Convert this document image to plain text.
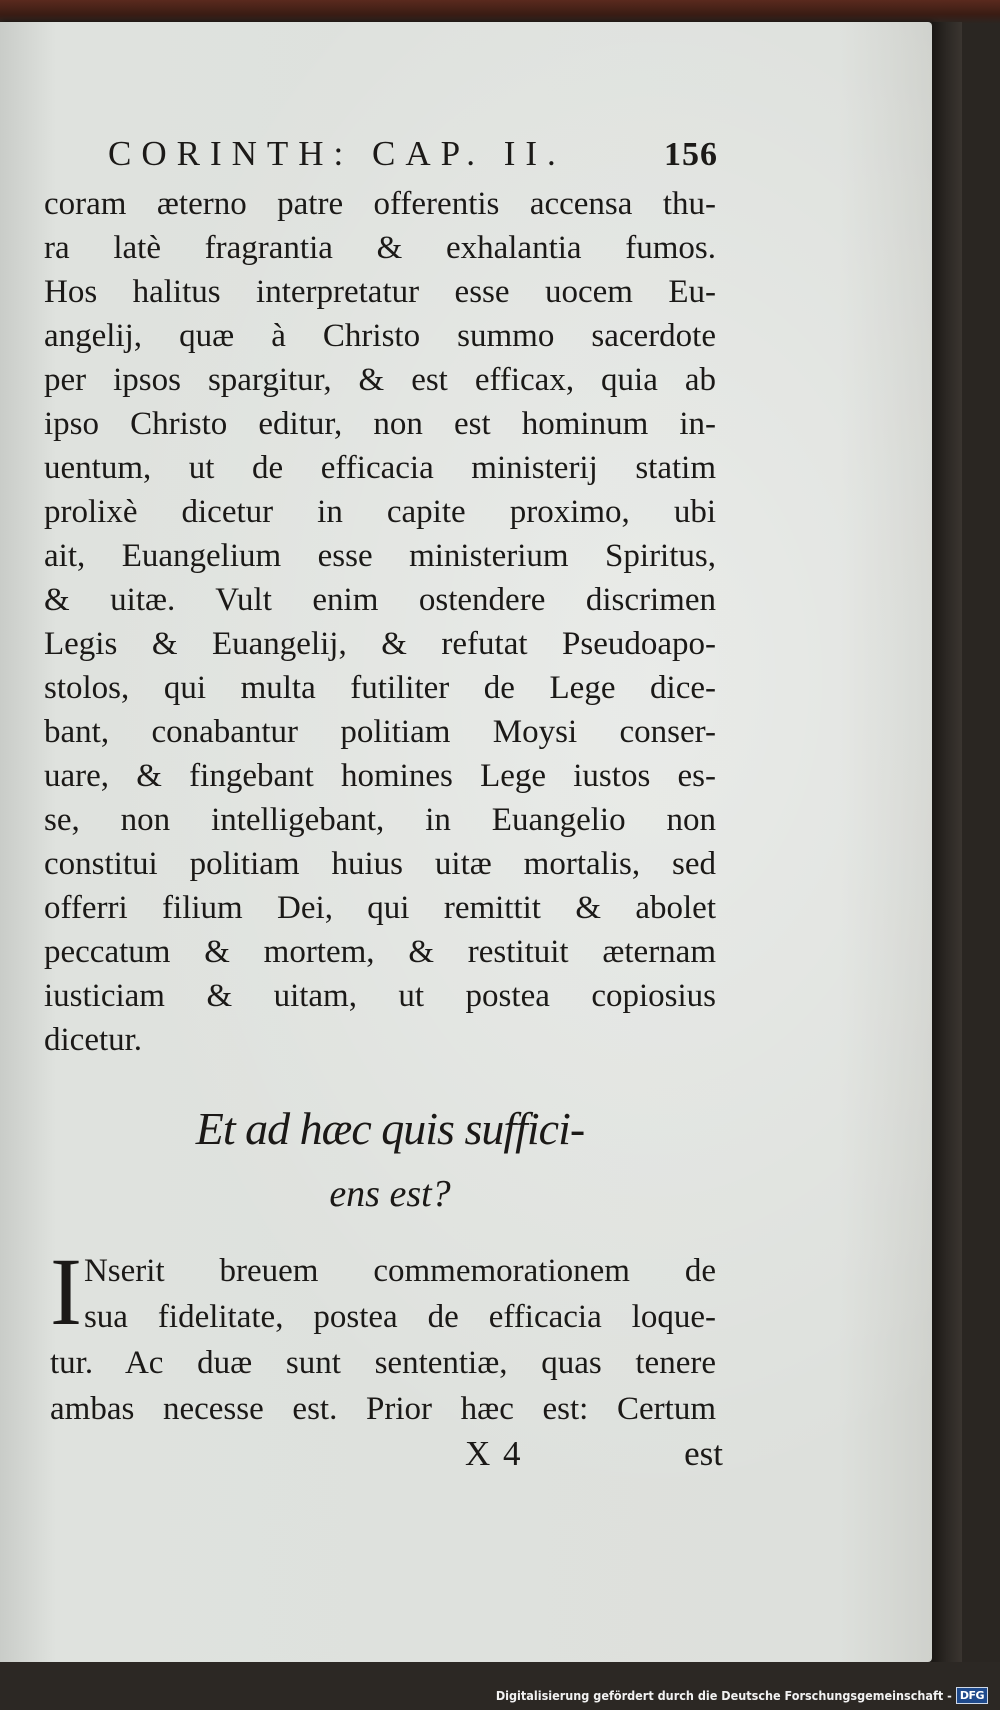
CORINTH: CAP. II.	156
coram æterno patre offerentis accensa thu-
ra latè fragrantia & exhalantia fumos.
Hos halitus interpretatur esse uocem Eu-
angelij, quæ à Christo summo sacerdote
per ipsos spargitur, & est efficax, quia ab
ipso Christo editur, non est hominum in-
uentum, ut de efficacia ministerij statim
prolixè dicetur in capite proximo, ubi
ait, Euangelium esse ministerium Spiritus,
& uitæ. Vult enim ostendere discrimen
Legis & Euangelij, & refutat Pseudoapo-
stolos, qui multa futiliter de Lege dice-
bant, conabantur politiam Moysi conser-
uare, & fingebant homines Lege iustos es-
se, non intelligebant, in Euangelio non
constitui politiam huius uitæ mortalis, sed
offerri filium Dei, qui remittit & abolet
peccatum & mortem, & restituit æternam
iusticiam & uitam, ut postea copiosius
dicetur.
Et ad hæc quis suffici-
ens est?
I Nserit breuem commemorationem de
sua fidelitate, postea de efficacia loque-
tur. Ac duæ sunt sententiæ, quas tenere
ambas necesse est. Prior hæc est: Certum
X 4	est
Digitalisierung gefördert durch die Deutsche Forschungsgemeinschaft - DFG
